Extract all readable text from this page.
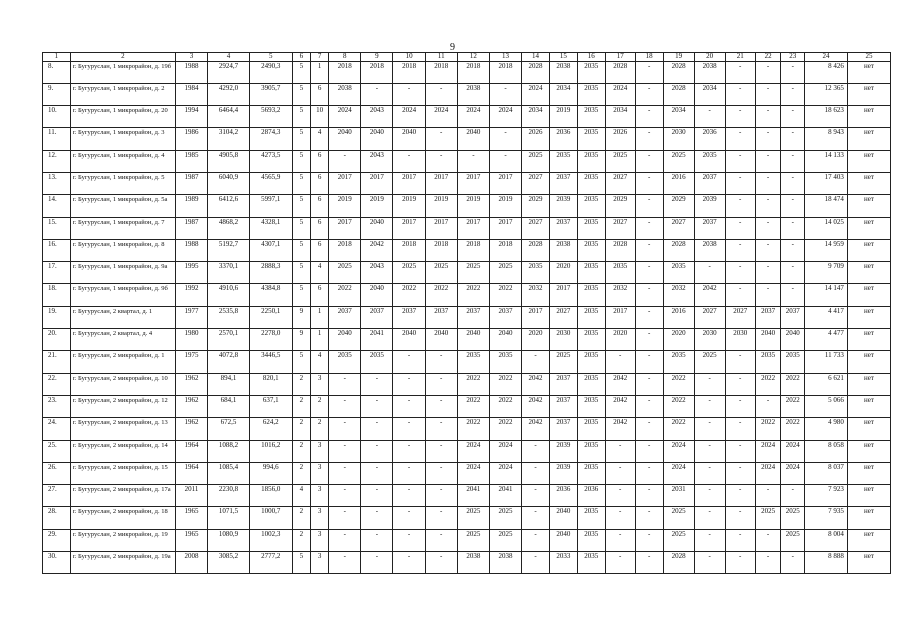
9
1	2	3	4	5	6	7	8	9	10	11	12	13	14	15	16	17	18	19	20	21	22	23	24	25
8.	г. Бугуруслан, 1 микрорайон, д. 19б	1988	2924,7	2490,3	5	1	2018	2018	2018	2018	2018	2018	2028	2038	2035	2028	-	2028	2038	-	-	-	8 426	нет
9.	г. Бугуруслан, 1 микрорайон, д. 2	1984	4292,0	3905,7	5	6	2038	-	-	-	2038	-	2024	2034	2035	2024	-	2028	2034	-	-	-	12 365	нет
10.	г. Бугуруслан, 1 микрорайон, д. 20	1994	6464,4	5693,2	5	10	2024	2043	2024	2024	2024	2024	2034	2019	2035	2034	-	2034	-	-	-	-	18 623	нет
11.	г. Бугуруслан, 1 микрорайон, д. 3	1986	3104,2	2874,3	5	4	2040	2040	2040	-	2040	-	2026	2036	2035	2026	-	2030	2036	-	-	-	8 943	нет
12.	г. Бугуруслан, 1 микрорайон, д. 4	1985	4905,8	4273,5	5	6	-	2043	-	-	-	-	2025	2035	2035	2025	-	2025	2035	-	-	-	14 133	нет
13.	г. Бугуруслан, 1 микрорайон, д. 5	1987	6040,9	4565,9	5	6	2017	2017	2017	2017	2017	2017	2027	2037	2035	2027	-	2016	2037	-	-	-	17 403	нет
14.	г. Бугуруслан, 1 микрорайон, д. 5а	1989	6412,6	5997,1	5	6	2019	2019	2019	2019	2019	2019	2029	2039	2035	2029	-	2029	2039	-	-	-	18 474	нет
15.	г. Бугуруслан, 1 микрорайон, д. 7	1987	4868,2	4328,1	5	6	2017	2040	2017	2017	2017	2017	2027	2037	2035	2027	-	2027	2037	-	-	-	14 025	нет
16.	г. Бугуруслан, 1 микрорайон, д. 8	1988	5192,7	4307,1	5	6	2018	2042	2018	2018	2018	2018	2028	2038	2035	2028	-	2028	2038	-	-	-	14 959	нет
17.	г. Бугуруслан, 1 микрорайон, д. 9а	1995	3370,1	2888,3	5	4	2025	2043	2025	2025	2025	2025	2035	2020	2035	2035	-	2035	-	-	-	-	9 709	нет
18.	г. Бугуруслан, 1 микрорайон, д. 9б	1992	4910,6	4384,8	5	6	2022	2040	2022	2022	2022	2022	2032	2017	2035	2032	-	2032	2042	-	-	-	14 147	нет
19.	г. Бугуруслан, 2 квартал, д. 1	1977	2535,8	2250,1	9	1	2037	2037	2037	2037	2037	2037	2017	2027	2035	2017	-	2016	2027	2027	2037	2037	4 417	нет
20.	г. Бугуруслан, 2 квартал, д. 4	1980	2570,1	2278,0	9	1	2040	2041	2040	2040	2040	2040	2020	2030	2035	2020	-	2020	2030	2030	2040	2040	4 477	нет
21.	г. Бугуруслан, 2 микрорайон, д. 1	1975	4072,8	3446,5	5	4	2035	2035	-	-	2035	2035	-	2025	2035	-	-	2035	2025	-	2035	2035	11 733	нет
22.	г. Бугуруслан, 2 микрорайон, д. 10	1962	894,1	820,1	2	3	-	-	-	-	2022	2022	2042	2037	2035	2042	-	2022	-	-	2022	2022	6 621	нет
23.	г. Бугуруслан, 2 микрорайон, д. 12	1962	684,1	637,1	2	2	-	-	-	-	2022	2022	2042	2037	2035	2042	-	2022	-	-	-	2022	5 066	нет
24.	г. Бугуруслан, 2 микрорайон, д. 13	1962	672,5	624,2	2	2	-	-	-	-	2022	2022	2042	2037	2035	2042	-	2022	-	-	2022	2022	4 980	нет
25.	г. Бугуруслан, 2 микрорайон, д. 14	1964	1088,2	1016,2	2	3	-	-	-	-	2024	2024	-	2039	2035	-	-	2024	-	-	2024	2024	8 058	нет
26.	г. Бугуруслан, 2 микрорайон, д. 15	1964	1085,4	994,6	2	3	-	-	-	-	2024	2024	-	2039	2035	-	-	2024	-	-	2024	2024	8 037	нет
27.	г. Бугуруслан, 2 микрорайон, д. 17а	2011	2230,8	1856,0	4	3	-	-	-	-	2041	2041	-	2036	2036	-	-	2031	-	-	-	-	7 923	нет
28.	г. Бугуруслан, 2 микрорайон, д. 18	1965	1071,5	1000,7	2	3	-	-	-	-	2025	2025	-	2040	2035	-	-	2025	-	-	2025	2025	7 935	нет
29.	г. Бугуруслан, 2 микрорайон, д. 19	1965	1080,9	1002,3	2	3	-	-	-	-	2025	2025	-	2040	2035	-	-	2025	-	-	-	2025	8 004	нет
30.	г. Бугуруслан, 2 микрорайон, д. 19а	2008	3085,2	2777,2	5	3	-	-	-	-	2038	2038	-	2033	2035	-	-	2028	-	-	-	-	8 888	нет
